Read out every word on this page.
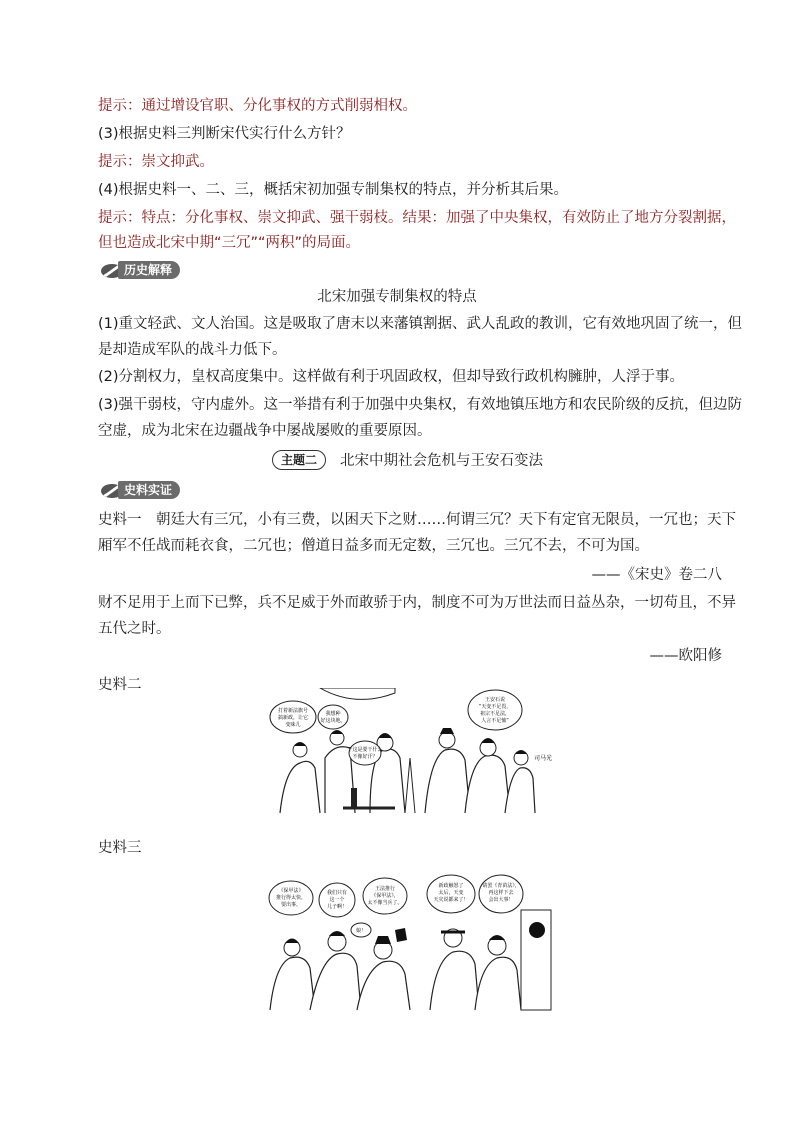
提示：通过增设官职、分化事权的方式削弱相权。
(3)根据史料三判断宋代实行什么方针？
提示：崇文抑武。
(4)根据史料一、二、三，概括宋初加强专制集权的特点，并分析其后果。
提示：特点：分化事权、崇文抑武、强干弱枝。结果：加强了中央集权，有效防止了地方分裂割据，
但也造成北宋中期“三冗”“两积”的局面。
历史解释
北宋加强专制集权的特点
(1)重文轻武、文人治国。这是吸取了唐末以来藩镇割据、武人乱政的教训，它有效地巩固了统一，但
是却造成军队的战斗力低下。
(2)分割权力，皇权高度集中。这样做有利于巩固政权，但却导致行政机构臃肿，人浮于事。
(3)强干弱枝，守内虚外。这一举措有利于加强中央集权，有效地镇压地方和农民阶级的反抗，但边防
空虚，成为北宋在边疆战争中屡战屡败的重要原因。
主题二	北宋中期社会危机与王安石变法
史料实证
史料一　朝廷大有三冗，小有三费，以困天下之财……何谓三冗？天下有定官无限员，一冗也；天下
厢军不任战而耗衣食，二冗也；僧道日益多而无定数，三冗也。三冗不去，不可为国。
——《宋史》卷二八
财不足用于上而下已弊，兵不足威于外而敢骄于内，制度不可为万世法而日益丛杂，一切苟且，不异
五代之时。
——欧阳修
史料二
打着新法旗号
搞新政，让它
变味儿
我想种
好这块地。
干这是要干什么
不像好汗？
王安石说
“天变不足畏，
祖宗不足法，
人言不足恤”
司马光
史料三
《保甲法》
推行得太快，
要出事。
我们只有
这一个
儿子啊！
王法推行
《保甲法》，
太不像当兵了。
娘！
新政触怒了
太后，天变
天灾说都来了！
请罢《青苗法》，
再这样下去
会出大事！
